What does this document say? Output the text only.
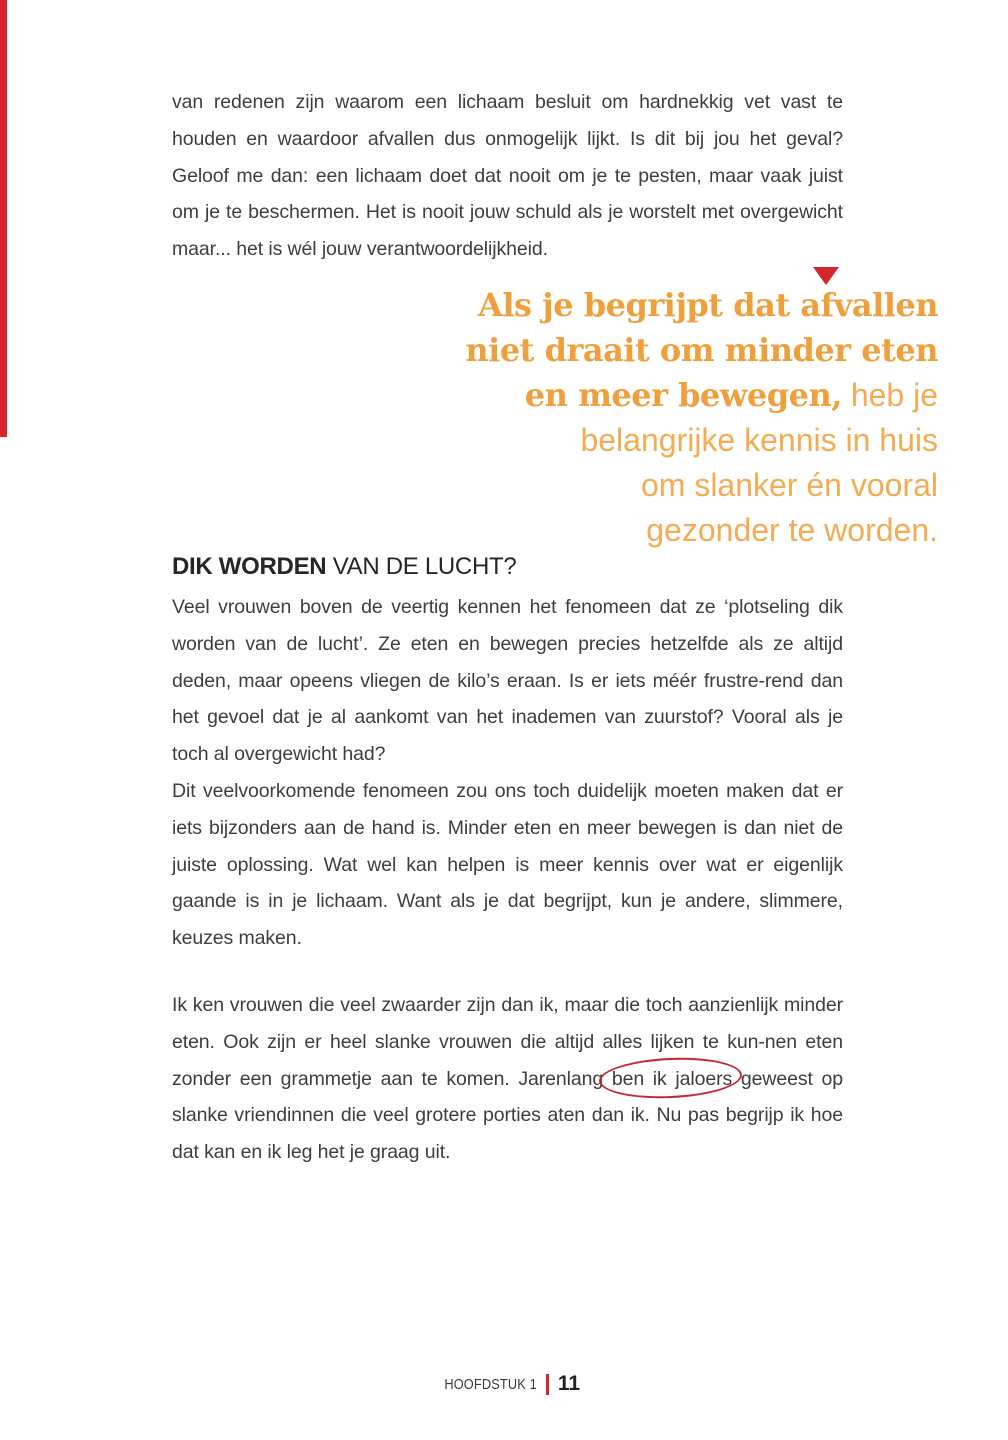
van redenen zijn waarom een lichaam besluit om hardnekkig vet vast te houden en waardoor afvallen dus onmogelijk lijkt. Is dit bij jou het geval? Geloof me dan: een lichaam doet dat nooit om je te pesten, maar vaak juist om je te beschermen. Het is nooit jouw schuld als je worstelt met overgewicht maar... het is wél jouw verantwoordelijkheid.

Als je begrijpt dat afvallen
niet draait om minder eten
en meer bewegen, heb je
belangrijke kennis in huis
om slanker én vooral
gezonder te worden.
DIK WORDEN VAN DE LUCHT?

Veel vrouwen boven de veertig kennen het fenomeen dat ze ‘plotseling dik worden van de lucht’. Ze eten en bewegen precies hetzelfde als ze altijd deden, maar opeens vliegen de kilo’s eraan. Is er iets méér frustre-rend dan het gevoel dat je al aankomt van het inademen van zuurstof? Vooral als je toch al overgewicht had?

Dit veelvoorkomende fenomeen zou ons toch duidelijk moeten maken dat er iets bijzonders aan de hand is. Minder eten en meer bewegen is dan niet de juiste oplossing. Wat wel kan helpen is meer kennis over wat er eigenlijk gaande is in je lichaam. Want als je dat begrijpt, kun je andere, slimmere, keuzes maken.

Ik ken vrouwen die veel zwaarder zijn dan ik, maar die toch aanzienlijk minder eten. Ook zijn er heel slanke vrouwen die altijd alles lijken te kun-nen eten zonder een grammetje aan te komen. Jarenlang ben ik jaloers
geweest op slanke vriendinnen die veel grotere porties aten dan ik. Nu pas begrijp ik hoe dat kan en ik leg het je graag uit.

HOOFDSTUK 1 11
